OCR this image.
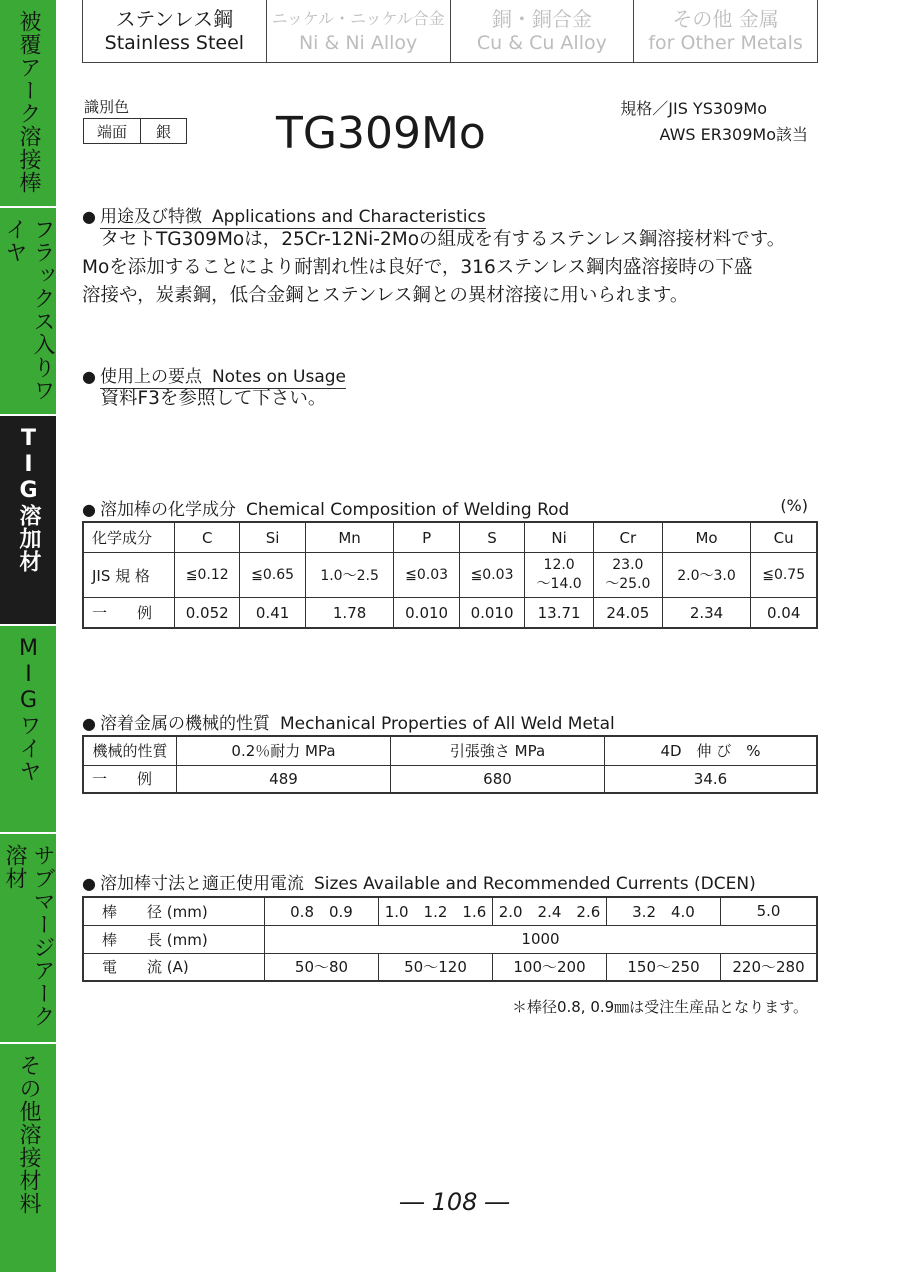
被覆アーク溶接棒
フラックス入りワイヤ
TIG溶加材
MIGワイヤ
サブマージアーク溶材
その他溶接材料
ステンレス鋼
Stainless Steel
ニッケル・ニッケル合金
Ni & Ni Alloy
銅・銅合金
Cu & Cu Alloy
その他 金属
for Other Metals
識別色
端面	銀	TG309Mo	規格／JIS YS309Mo
AWS ER309Mo該当
● 用途及び特徴 Applications and Characteristics
　タセトTG309Moは，25Cr-12Ni-2Moの組成を有するステンレス鋼溶接材料です。
Moを添加することにより耐割れ性は良好で，316ステンレス鋼肉盛溶接時の下盛
溶接や，炭素鋼，低合金鋼とステンレス鋼との異材溶接に用いられます。
● 使用上の要点 Notes on Usage
　資料F3を参照して下さい。
● 溶加棒の化学成分 Chemical Composition of Welding Rod	(%)
化学成分	C	Si	Mn	P	S	Ni	Cr	Mo	Cu
JIS 規 格	≦0.12	≦0.65	1.0〜2.5	≦0.03	≦0.03	12.0
〜14.0	23.0
〜25.0	2.0〜3.0	≦0.75
一　　例	0.052	0.41	1.78	0.010	0.010	13.71	24.05	2.34	0.04
● 溶着金属の機械的性質 Mechanical Properties of All Weld Metal
機械的性質	0.2％耐力 MPa	引張強さ MPa	4D　伸 び　%
一　　例	489	680	34.6
● 溶加棒寸法と適正使用電流 Sizes Available and Recommended Currents (DCEN)
棒　　径 (mm)	0.8　0.9	1.0　1.2　1.6	2.0　2.4　2.6	3.2　4.0	5.0
棒　　長 (mm)	1000				
電　　流 (A)	50〜80	50〜120	100〜200	150〜250	220〜280
＊棒径0.8, 0.9㎜は受注生産品となります。
― 108 ―
